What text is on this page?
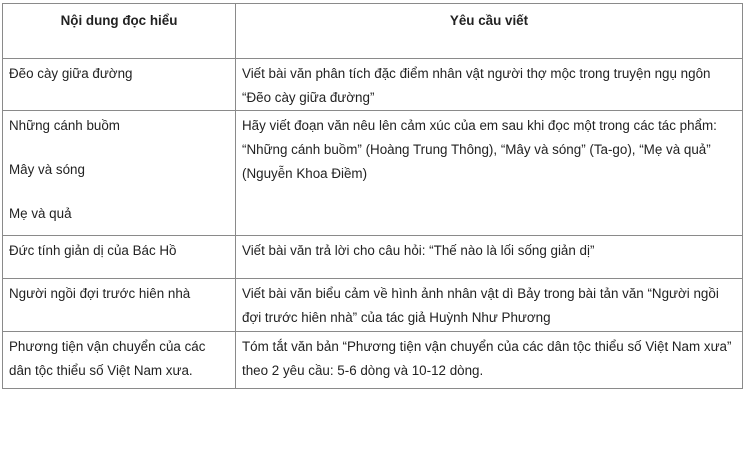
Nội dung đọc hiểu	Yêu cầu viết

Đẽo cày giữa đường	Viết bài văn phân tích đặc điểm nhân vật người thợ mộc trong truyện ngụ ngôn “Đẽo cày giữa đường”

Những cánh buồm
Mây và sóng
Mẹ và quả	Hãy viết đoạn văn nêu lên cảm xúc của em sau khi đọc một trong các tác phẩm: “Những cánh buồm” (Hoàng Trung Thông), “Mây và sóng” (Ta-go), “Mẹ và quả” (Nguyễn Khoa Điềm)

Đức tính giản dị của Bác Hồ	Viết bài văn trả lời cho câu hỏi: “Thế nào là lối sống giản dị”

Người ngồi đợi trước hiên nhà	Viết bài văn biểu cảm về hình ảnh nhân vật dì Bảy trong bài tản văn “Người ngồi đợi trước hiên nhà” của tác giả Huỳnh Như Phương

Phương tiện vận chuyển của các dân tộc thiểu số Việt Nam xưa.	Tóm tắt văn bản “Phương tiện vận chuyển của các dân tộc thiểu số Việt Nam xưa” theo 2 yêu cầu: 5-6 dòng và 10-12 dòng.
